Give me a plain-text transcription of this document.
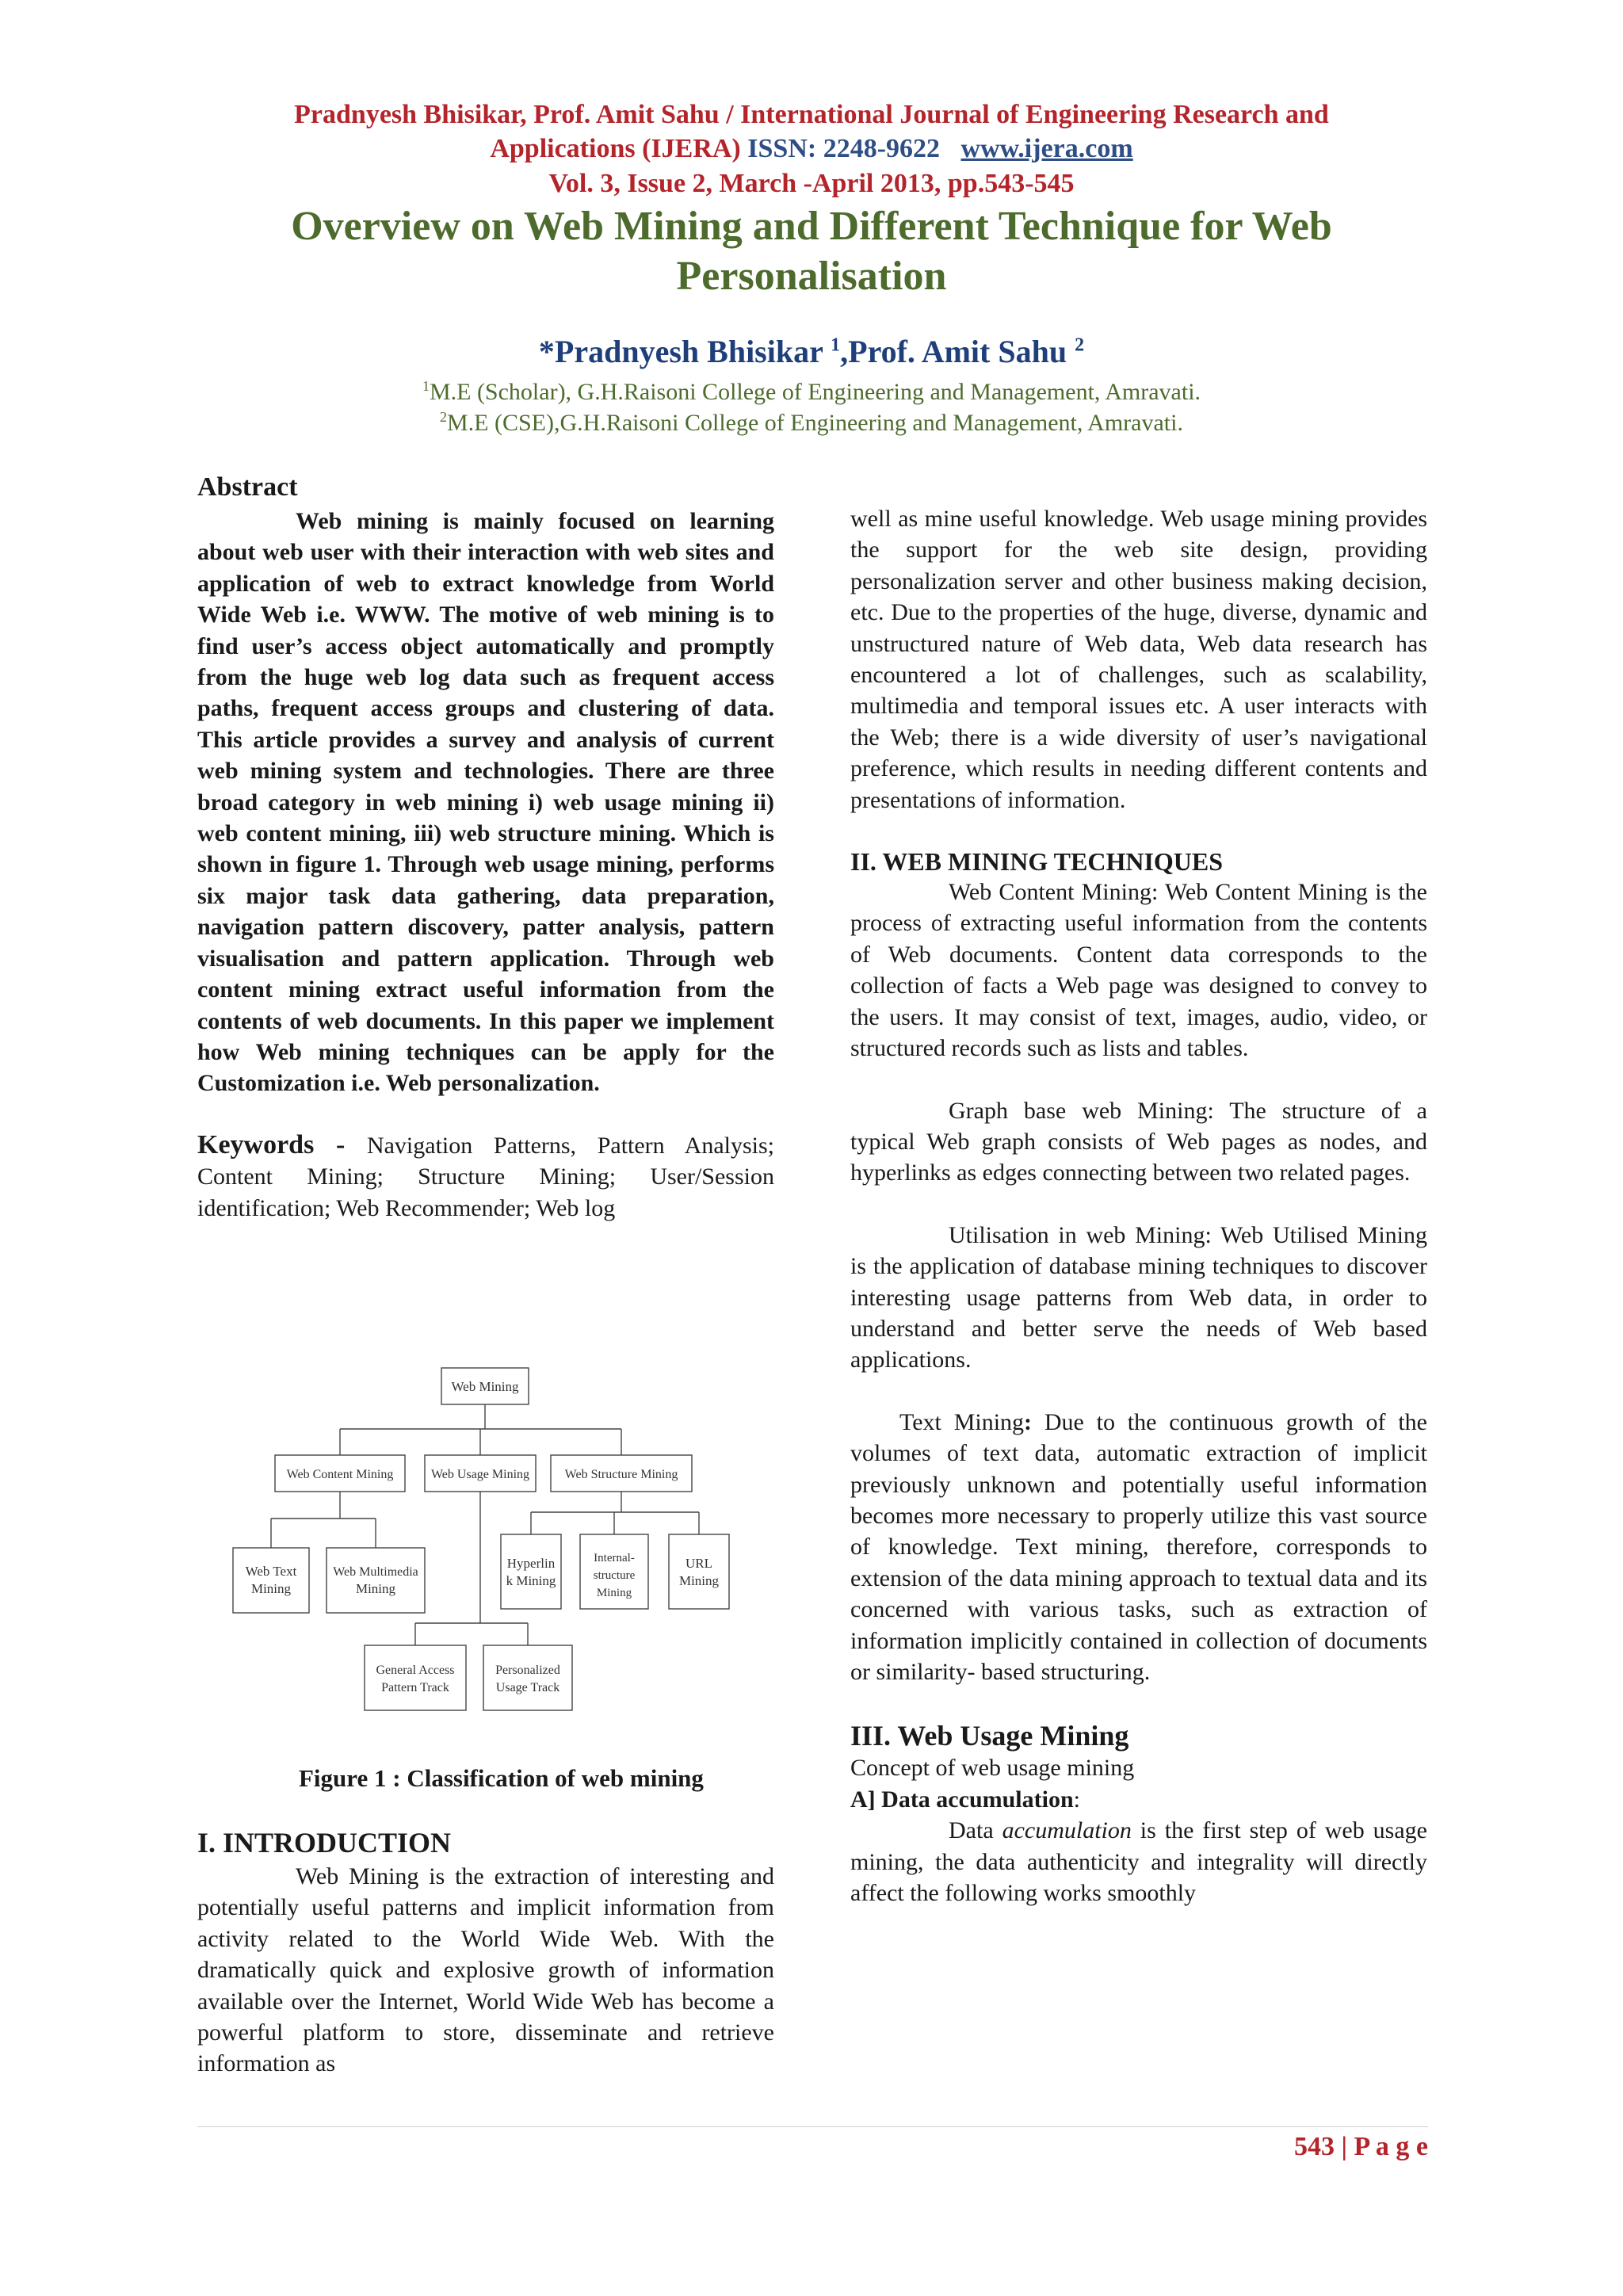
Pradnyesh Bhisikar, Prof. Amit Sahu / International Journal of Engineering Research and
Applications (IJERA) ISSN: 2248-9622 www.ijera.com
Vol. 3, Issue 2, March -April 2013, pp.543-545
Overview on Web Mining and Different Technique for Web
Personalisation
*Pradnyesh Bhisikar $^1$,Prof. Amit Sahu $^2$
$^1$M.E (Scholar), G.H.Raisoni College of Engineering and Management, Amravati.
$^2$M.E (CSE),G.H.Raisoni College of Engineering and Management, Amravati.
Abstract
Web mining is mainly focused on learning about web user with their interaction with web sites and application of web to extract knowledge from World Wide Web i.e. WWW. The motive of web mining is to find user’s access object automatically and promptly from the huge web log data such as frequent access paths, frequent access groups and clustering of data. This article provides a survey and analysis of current web mining system and technologies. There are three broad category in web mining i) web usage mining ii) web content mining, iii) web structure mining. Which is shown in figure 1. Through web usage mining, performs six major task data gathering, data preparation, navigation pattern discovery, patter analysis, pattern visualisation and pattern application. Through web content mining extract useful information from the contents of web documents. In this paper we implement how Web mining techniques can be apply for the Customization i.e. Web personalization.
Keywords - Navigation Patterns, Pattern Analysis; Content Mining; Structure Mining; User/Session identification; Web Recommender; Web log
Web Mining
Web Content Mining	Web Usage Mining	Web Structure Mining
Web Text
Mining
Web Multimedia
Mining
Hyperlin
k Mining
Internal-
structure
Mining
URL
Mining
General Access
Pattern Track
Personalized
Usage Track
Figure 1 : Classification of web mining
I. INTRODUCTION
Web Mining is the extraction of interesting and potentially useful patterns and implicit information from activity related to the World Wide Web. With the dramatically quick and explosive growth of information available over the Internet, World Wide Web has become a powerful platform to store, disseminate and retrieve information as
well as mine useful knowledge. Web usage mining provides the support for the web site design, providing personalization server and other business making decision, etc. Due to the properties of the huge, diverse, dynamic and unstructured nature of Web data, Web data research has encountered a lot of challenges, such as scalability, multimedia and temporal issues etc. A user interacts with the Web; there is a wide diversity of user’s navigational preference, which results in needing different contents and presentations of information.
II. WEB MINING TECHNIQUES
Web Content Mining: Web Content Mining is the process of extracting useful information from the contents of Web documents. Content data corresponds to the collection of facts a Web page was designed to convey to the users. It may consist of text, images, audio, video, or structured records such as lists and tables.
Graph base web Mining: The structure of a typical Web graph consists of Web pages as nodes, and hyperlinks as edges connecting between two related pages.
Utilisation in web Mining: Web Utilised Mining is the application of database mining techniques to discover interesting usage patterns from Web data, in order to understand and better serve the needs of Web based applications.
Text Mining: Due to the continuous growth of the volumes of text data, automatic extraction of implicit previously unknown and potentially useful information becomes more necessary to properly utilize this vast source of knowledge. Text mining, therefore, corresponds to extension of the data mining approach to textual data and its concerned with various tasks, such as extraction of information implicitly contained in collection of documents or similarity- based structuring.
III. Web Usage Mining
Concept of web usage mining
A] Data accumulation:
Data accumulation is the first step of web usage mining, the data authenticity and integrality will directly affect the following works smoothly
543 | P a g e
